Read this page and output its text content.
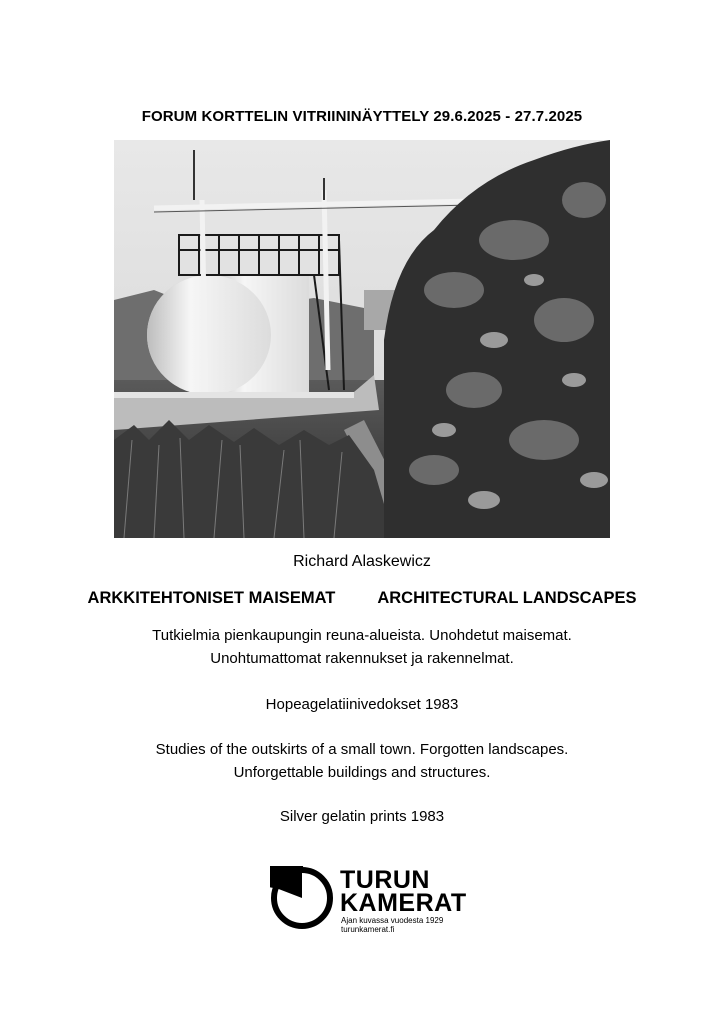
FORUM KORTTELIN VITRIININÄYTTELY 29.6.2025 - 27.7.2025
Richard Alaskewicz
ARKKITEHTONISET MAISEMAT	ARCHITECTURAL LANDSCAPES
Tutkielmia pienkaupungin reuna-alueista. Unohdetut maisemat.
Unohtumattomat rakennukset ja rakennelmat.
Hopeagelatiinivedokset 1983
Studies of the outskirts of a small town. Forgotten landscapes.
Unforgettable buildings and structures.
Silver gelatin prints 1983
TURUN
KAMERAT
Ajan kuvassa vuodesta 1929
turunkamerat.fi
